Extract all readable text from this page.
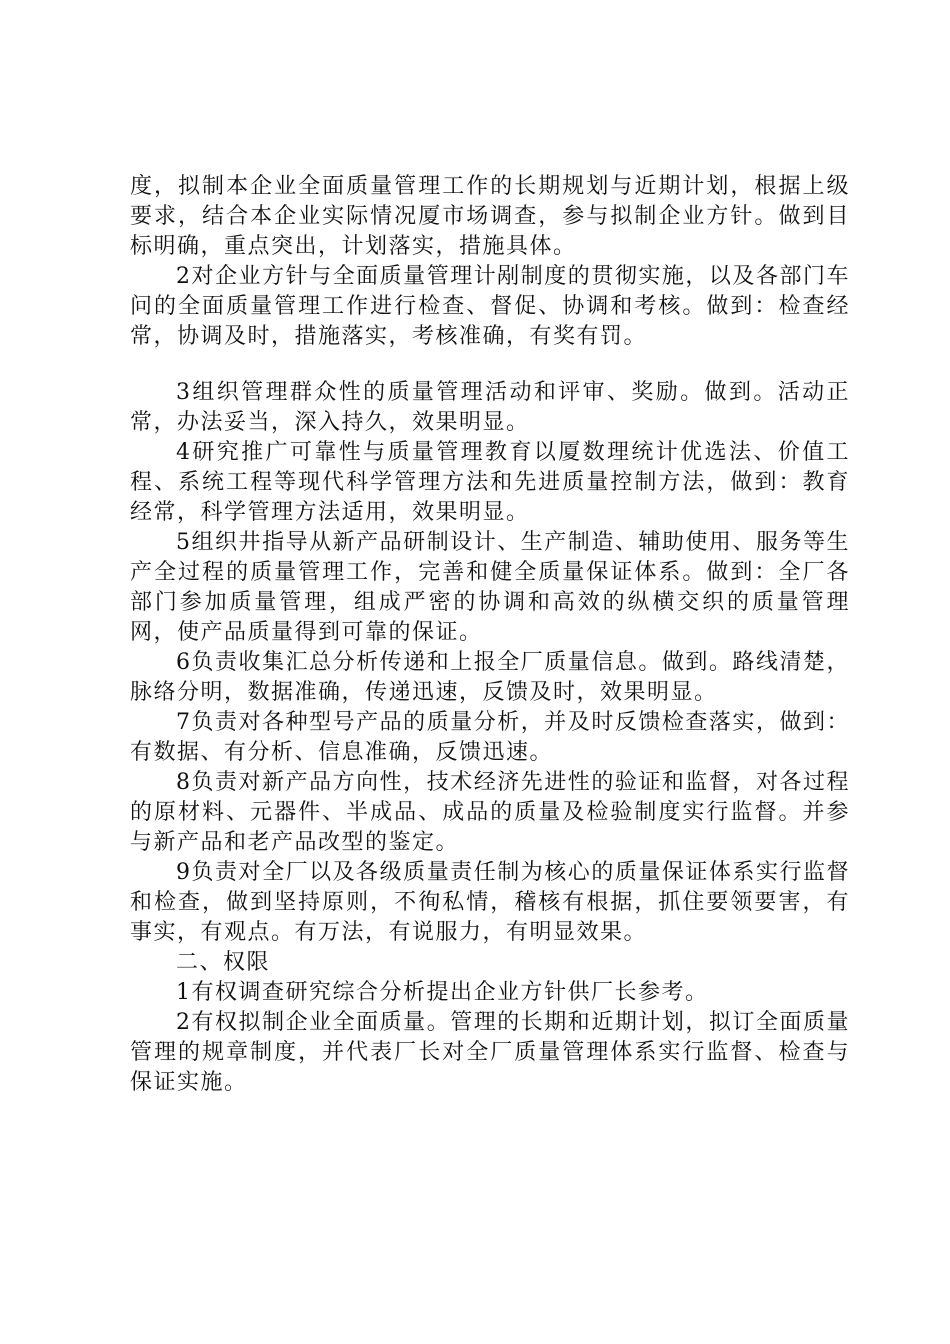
度，拟制本企业全面质量管理工作的长期规划与近期计划，根据上级要求，结合本企业实际情况厦市场调查，参与拟制企业方针。做到目标明确，重点突出，计划落实，措施具体。

2对企业方针与全面质量管理计剐制度的贯彻实施，以及各部门车问的全面质量管理工作进行检查、督促、协调和考核。做到：检查经常，协调及时，措施落实，考核准确，有奖有罚。

3组织管理群众性的质量管理活动和评审、奖励。做到。活动正常，办法妥当，深入持久，效果明显。

4研究推广可靠性与质量管理教育以厦数理统计优选法、价值工程、系统工程等现代科学管理方法和先进质量控制方法，做到：教育经常，科学管理方法适用，效果明显。

5组织井指导从新产品研制设计、生产制造、辅助使用、服务等生产全过程的质量管理工作，完善和健全质量保证体系。做到：全厂各部门参加质量管理，组成严密的协调和高效的纵横交织的质量管理网，使产品质量得到可靠的保证。

6负责收集汇总分析传递和上报全厂质量信息。做到。路线清楚，脉络分明，数据准确，传递迅速，反馈及时，效果明显。

7负责对各种型号产品的质量分析，并及时反馈检查落实，做到：有数据、有分析、信息准确，反馈迅速。

8负责对新产品方向性，技术经济先进性的验证和监督，对各过程的原材料、元器件、半成品、成品的质量及检验制度实行监督。并参与新产品和老产品改型的鉴定。

9负责对全厂以及各级质量责任制为核心的质量保证体系实行监督和检查，做到坚持原则，不徇私情，稽核有根据，抓住要领要害，有事实，有观点。有万法，有说服力，有明显效果。

二、权限

1有权调查研究综合分析提出企业方针供厂长参考。

2有权拟制企业全面质量。管理的长期和近期计划，拟订全面质量管理的规章制度，并代表厂长对全厂质量管理体系实行监督、检查与保证实施。
